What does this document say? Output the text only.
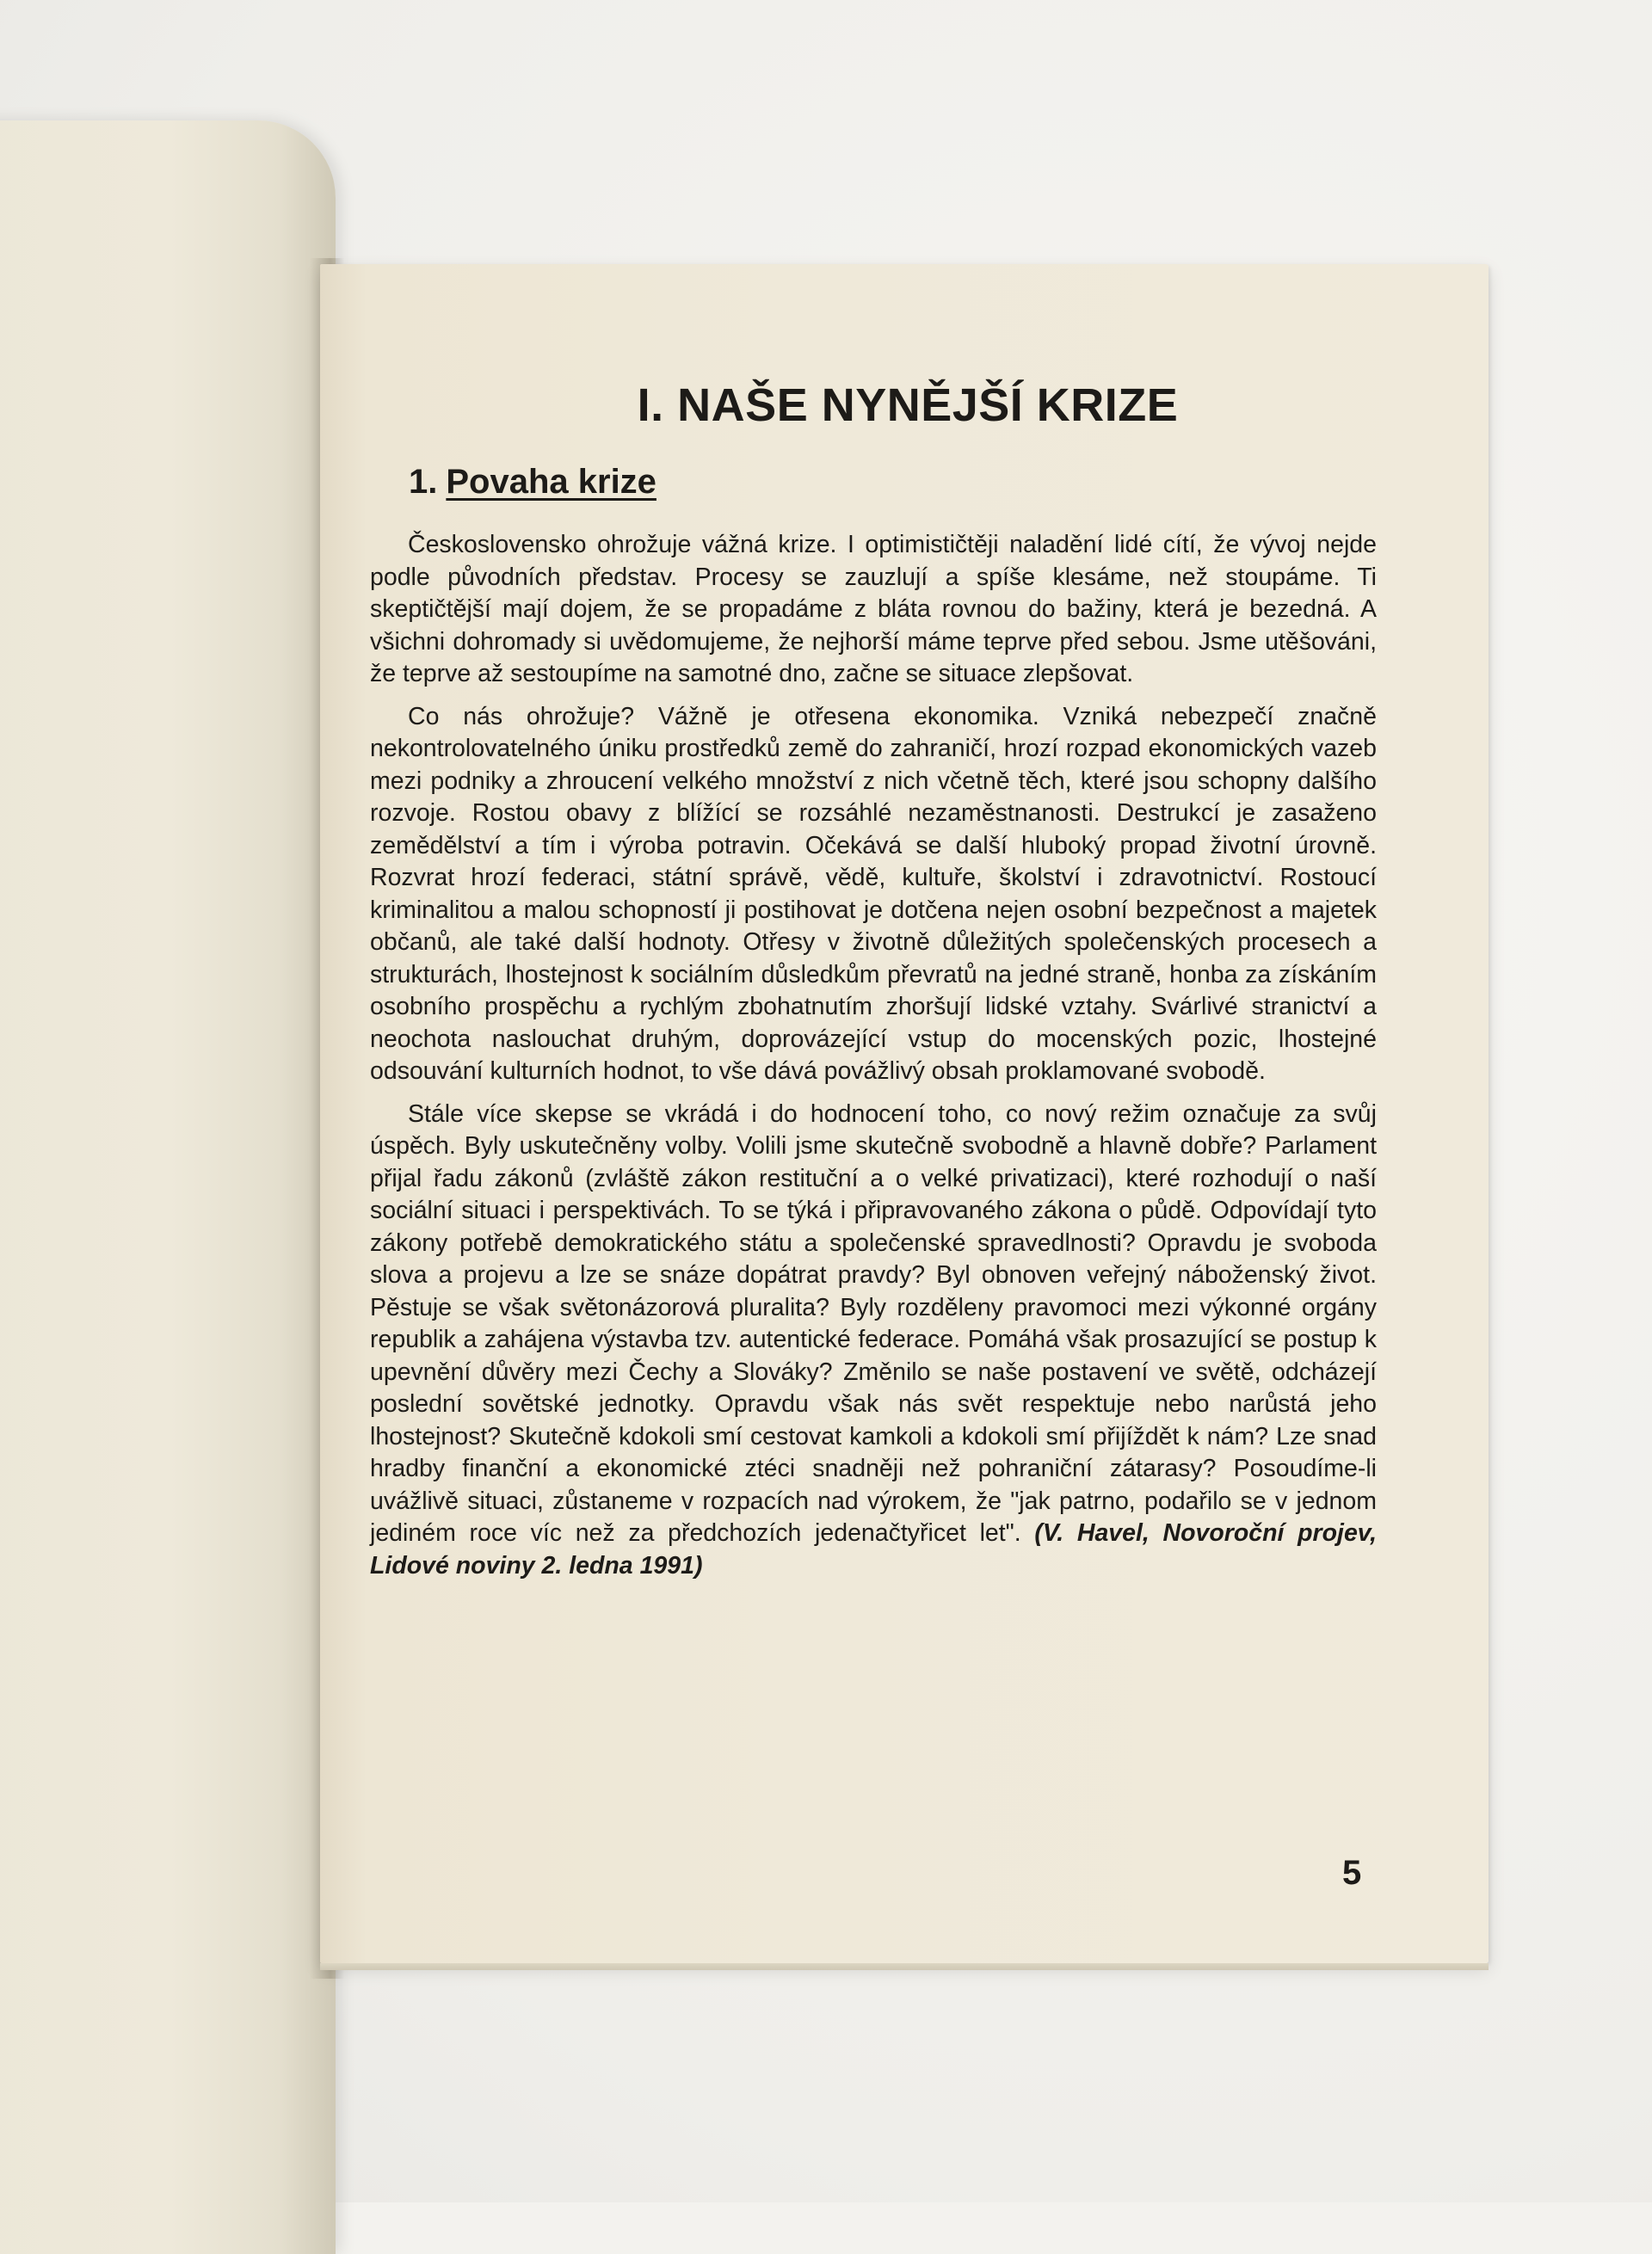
I. NAŠE NYNĚJŠÍ KRIZE
1. Povaha krize

Československo ohrožuje vážná krize. I optimističtěji naladění lidé cítí, že vývoj nejde podle původních představ. Procesy se zauzlují a spíše klesáme, než stoupáme. Ti skeptičtější mají dojem, že se propadáme z bláta rovnou do bažiny, která je bezedná. A všichni dohromady si uvědomujeme, že nejhorší máme teprve před sebou. Jsme utěšováni, že teprve až sestoupíme na samotné dno, začne se situace zlepšovat.

Co nás ohrožuje? Vážně je otřesena ekonomika. Vzniká nebezpečí značně nekontrolovatelného úniku prostředků země do zahraničí, hrozí rozpad ekonomických vazeb mezi podniky a zhroucení velkého množství z nich včetně těch, které jsou schopny dalšího rozvoje. Rostou obavy z blížící se rozsáhlé nezaměstnanosti. Destrukcí je zasaženo zemědělství a tím i výroba potravin. Očekává se další hluboký propad životní úrovně. Rozvrat hrozí federaci, státní správě, vědě, kultuře, školství i zdravotnictví. Rostoucí kriminalitou a malou schopností ji postihovat je dotčena nejen osobní bezpečnost a majetek občanů, ale také další hodnoty. Otřesy v životně důležitých společenských procesech a strukturách, lhostejnost k sociálním důsledkům převratů na jedné straně, honba za získáním osobního prospěchu a rychlým zbohatnutím zhoršují lidské vztahy. Svárlivé stranictví a neochota naslouchat druhým, doprovázející vstup do mocenských pozic, lhostejné odsouvání kulturních hodnot, to vše dává povážlivý obsah proklamované svobodě.

Stále více skepse se vkrádá i do hodnocení toho, co nový režim označuje za svůj úspěch. Byly uskutečněny volby. Volili jsme skutečně svobodně a hlavně dobře? Parlament přijal řadu zákonů (zvláště zákon restituční a o velké privatizaci), které rozhodují o naší sociální situaci i perspektivách. To se týká i připravovaného zákona o půdě. Odpovídají tyto zákony potřebě demokratického státu a společenské spravedlnosti? Opravdu je svoboda slova a projevu a lze se snáze dopátrat pravdy? Byl obnoven veřejný náboženský život. Pěstuje se však světonázorová pluralita? Byly rozděleny pravomoci mezi výkonné orgány republik a zahájena výstavba tzv. autentické federace. Pomáhá však prosazující se postup k upevnění důvěry mezi Čechy a Slováky? Změnilo se naše postavení ve světě, odcházejí poslední sovětské jednotky. Opravdu však nás svět respektuje nebo narůstá jeho lhostejnost? Skutečně kdokoli smí cestovat kamkoli a kdokoli smí přijíždět k nám? Lze snad hradby finanční a ekonomické ztéci snadněji než pohraniční zátarasy? Posoudíme-li uvážlivě situaci, zůstaneme v rozpacích nad výrokem, že "jak patrno, podařilo se v jednom jediném roce víc než za předchozích jedenačtyřicet let". (V. Havel, Novoroční projev, Lidové noviny 2. ledna 1991)

5
